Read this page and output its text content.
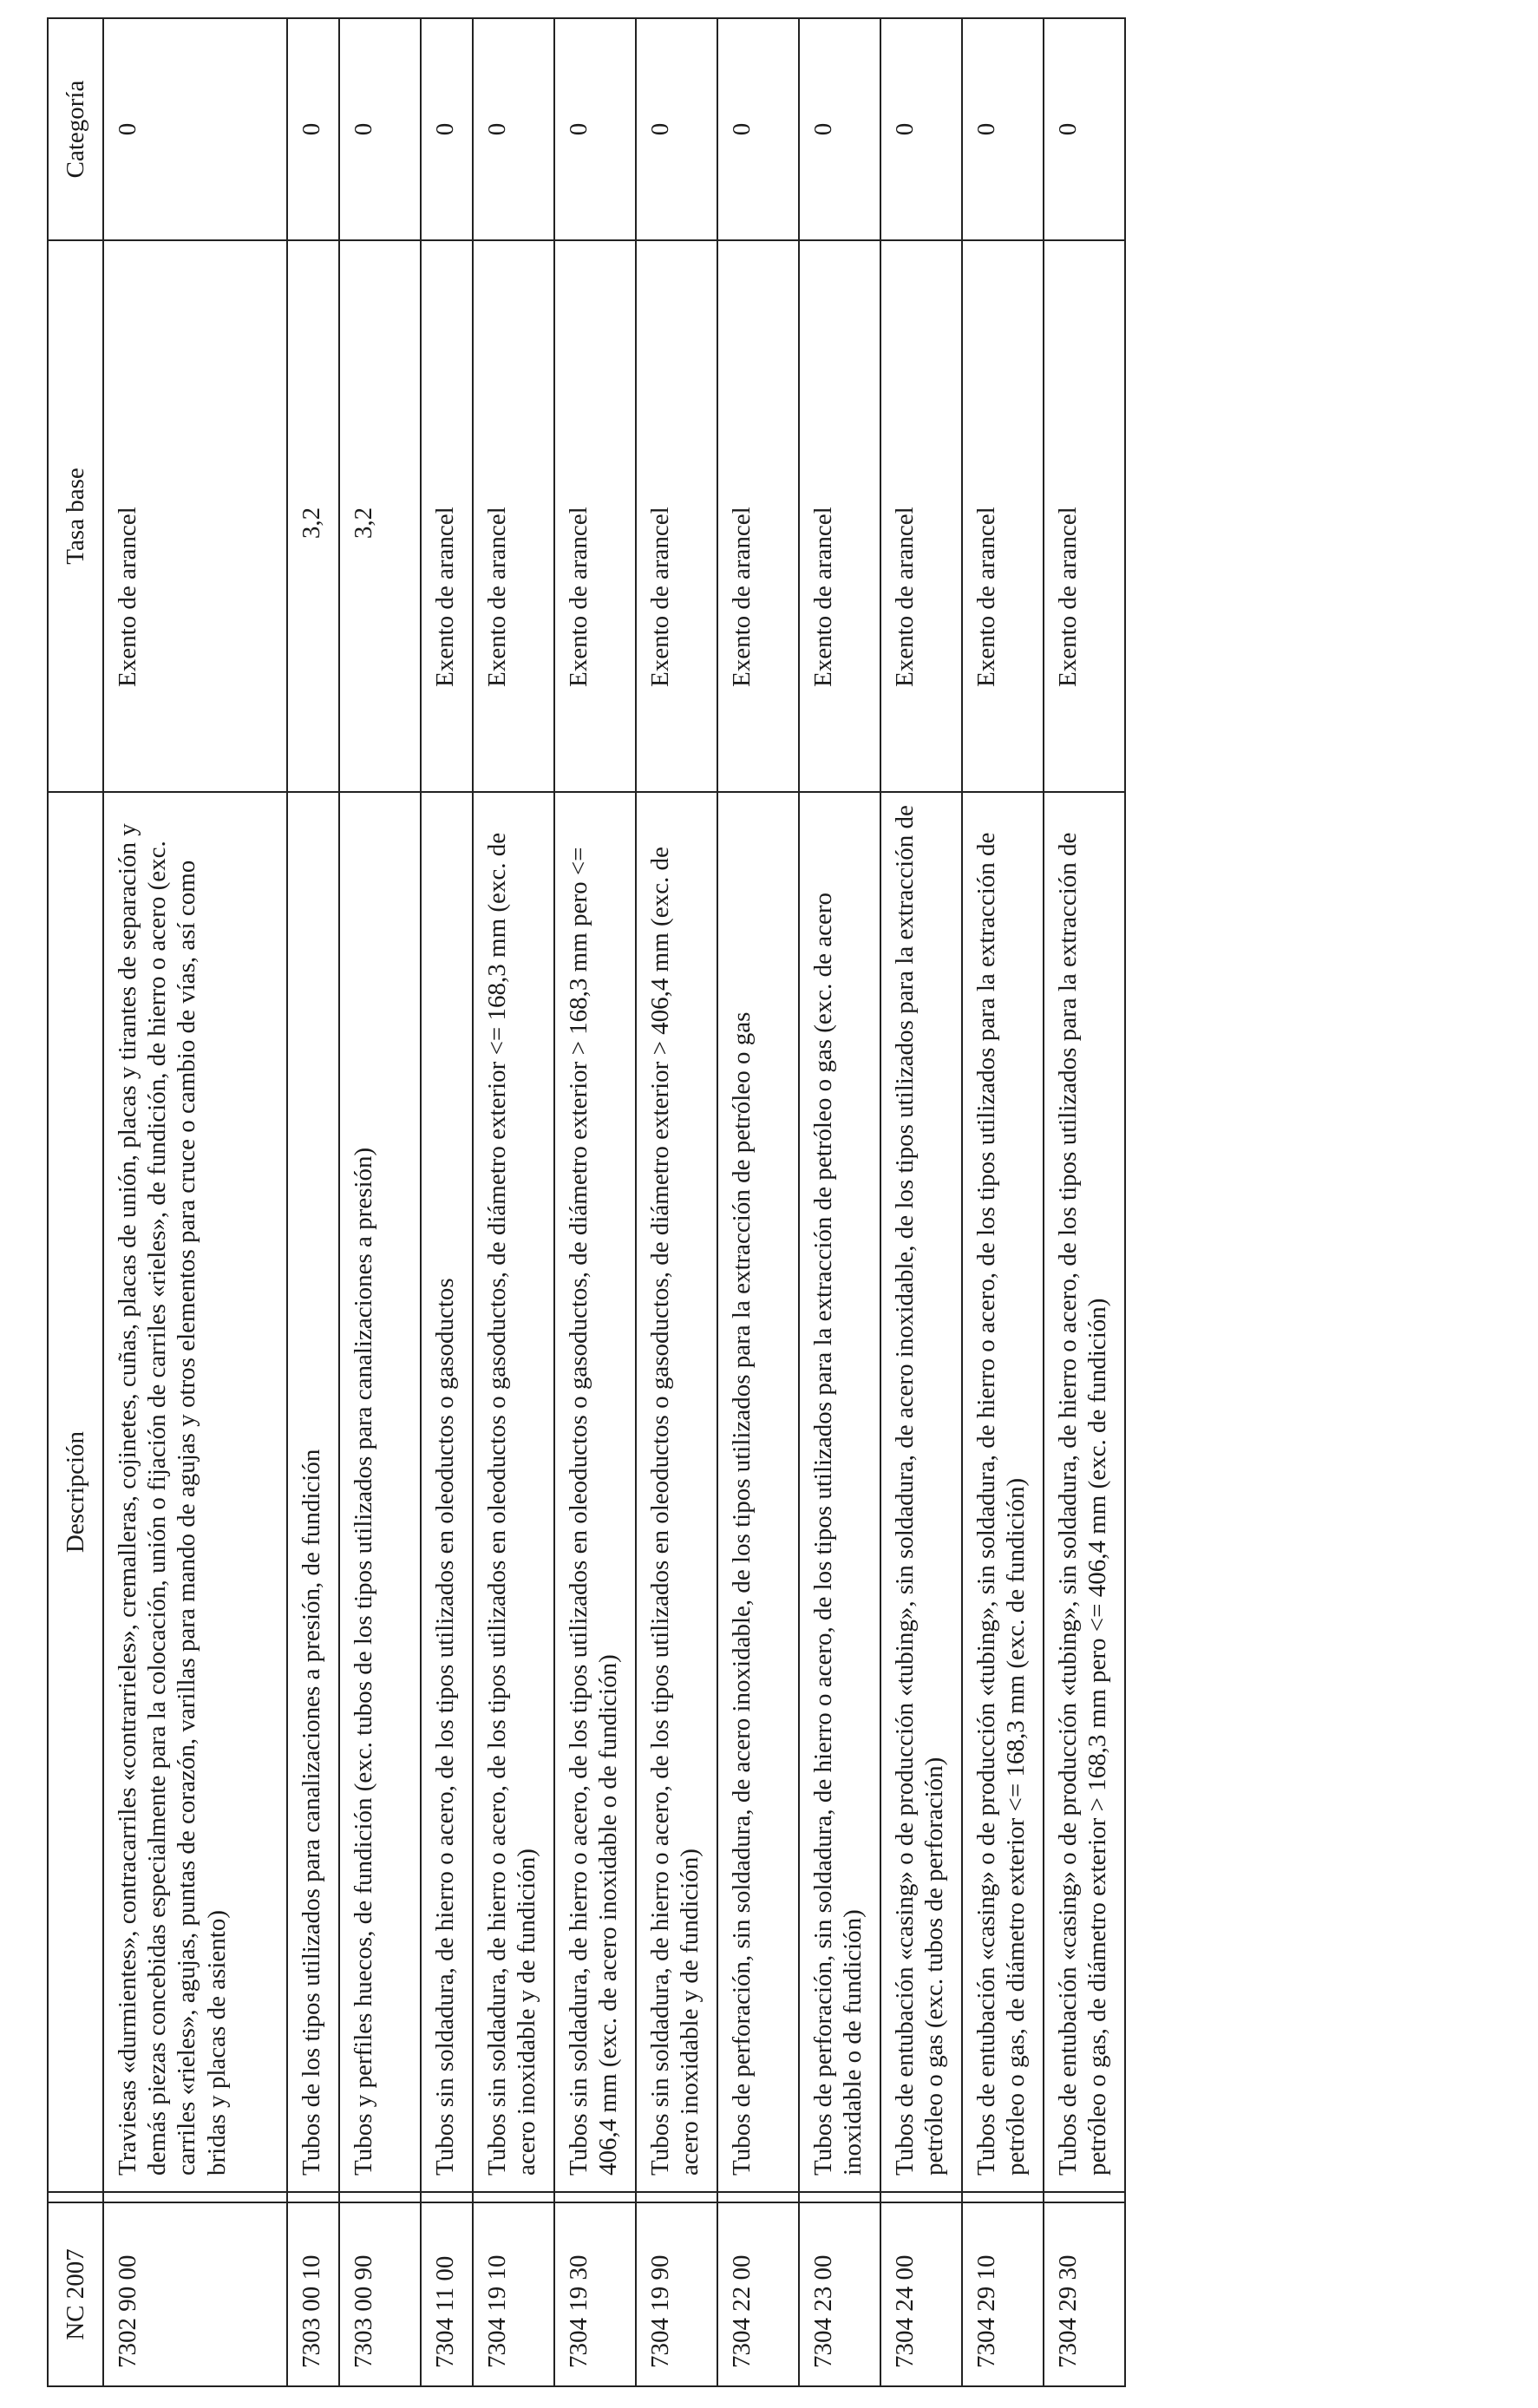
NC 2007		Descripción	Tasa base	Categoría

7302 90 00		Traviesas «durmientes», contracarriles «contrarrieles», cremalleras, cojinetes, cuñas, placas de unión, placas y tirantes de separación y demás piezas concebidas especialmente para la colocación, unión o fijación de carriles «rieles», de fundición, de hierro o acero (exc. carriles «rieles», agujas, puntas de corazón, varillas para mando de agujas y otros elementos para cruce o cambio de vías, así como bridas y placas de asiento)	Exento de arancel	0

7303 00 10		Tubos de los tipos utilizados para canalizaciones a presión, de fundición	3,2	0

7303 00 90		Tubos y perfiles huecos, de fundición (exc. tubos de los tipos utilizados para canalizaciones a presión)	3,2	0

7304 11 00		Tubos sin soldadura, de hierro o acero, de los tipos utilizados en oleoductos o gasoductos	Exento de arancel	0

7304 19 10		Tubos sin soldadura, de hierro o acero, de los tipos utilizados en oleoductos o gasoductos, de diámetro exterior <= 168,3 mm (exc. de acero inoxidable y de fundición)	Exento de arancel	0

7304 19 30		Tubos sin soldadura, de hierro o acero, de los tipos utilizados en oleoductos o gasoductos, de diámetro exterior > 168,3 mm pero <= 406,4 mm (exc. de acero inoxidable o de fundición)	Exento de arancel	0

7304 19 90		Tubos sin soldadura, de hierro o acero, de los tipos utilizados en oleoductos o gasoductos, de diámetro exterior > 406,4 mm (exc. de acero inoxidable y de fundición)	Exento de arancel	0

7304 22 00		Tubos de perforación, sin soldadura, de acero inoxidable, de los tipos utilizados para la extracción de petróleo o gas	Exento de arancel	0

7304 23 00		Tubos de perforación, sin soldadura, de hierro o acero, de los tipos utilizados para la extracción de petróleo o gas (exc. de acero inoxidable o de fundición)	Exento de arancel	0

7304 24 00		Tubos de entubación «casing» o de producción «tubing», sin soldadura, de acero inoxidable, de los tipos utilizados para la extracción de petróleo o gas (exc. tubos de perforación)	Exento de arancel	0

7304 29 10		Tubos de entubación «casing» o de producción «tubing», sin soldadura, de hierro o acero, de los tipos utilizados para la extracción de petróleo o gas, de diámetro exterior <= 168,3 mm (exc. de fundición)	Exento de arancel	0

7304 29 30		Tubos de entubación «casing» o de producción «tubing», sin soldadura, de hierro o acero, de los tipos utilizados para la extracción de petróleo o gas, de diámetro exterior > 168,3 mm pero <= 406,4 mm (exc. de fundición)	Exento de arancel	0
